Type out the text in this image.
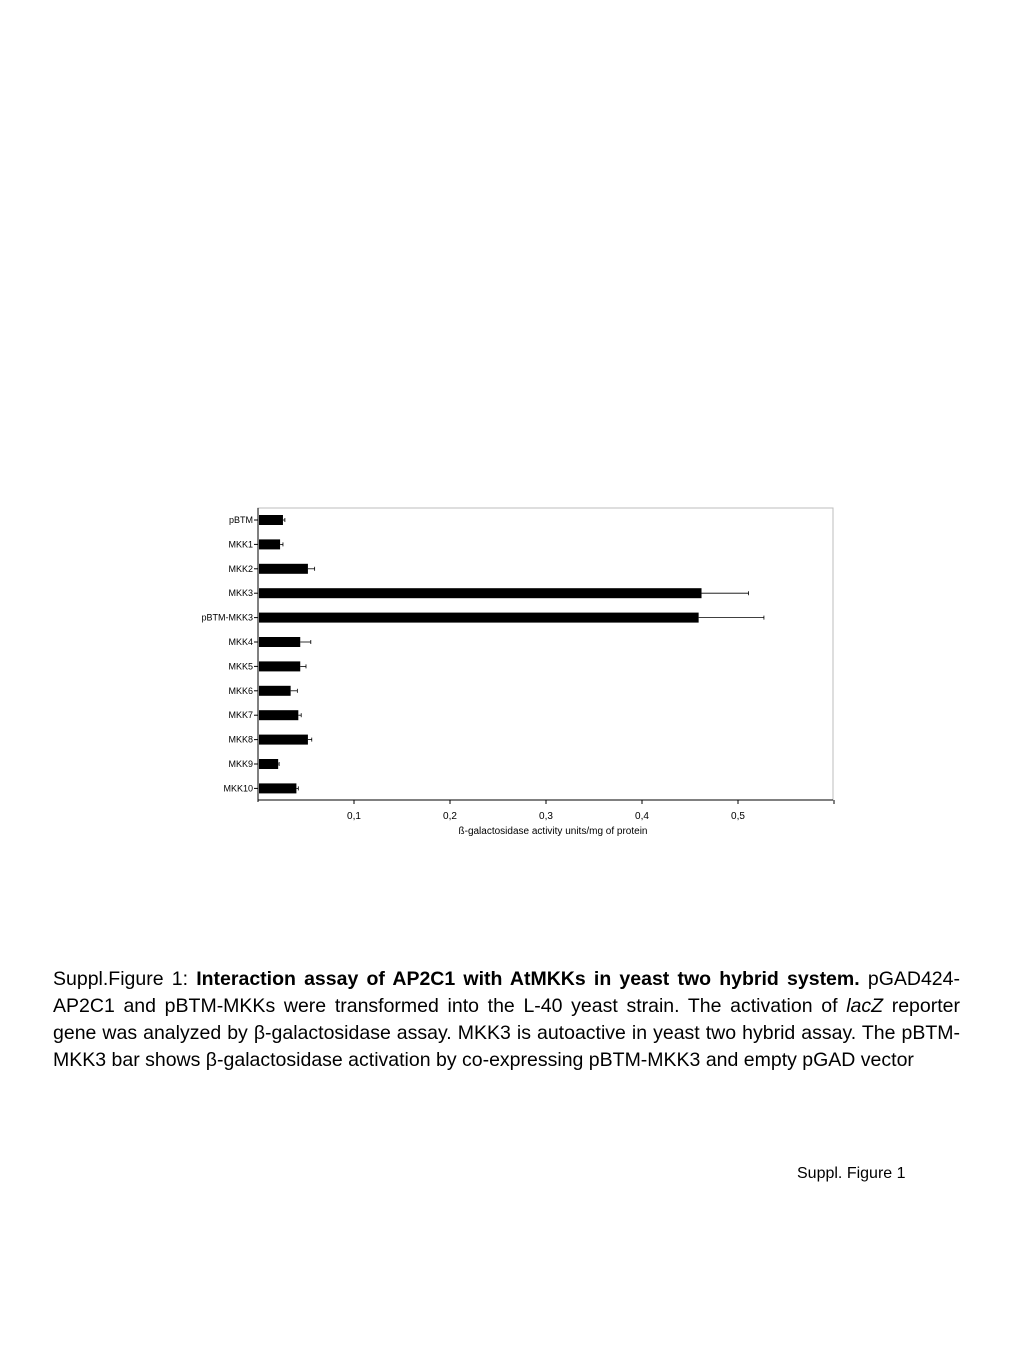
pBTM
MKK1
MKK2
MKK3
pBTM-MKK3
MKK4
MKK5
MKK6
MKK7
MKK8
MKK9
MKK10
0,1	0,2	0,3	0,4	0,5
ß-galactosidase activity units/mg of protein
Suppl.Figure 1: Interaction assay of AP2C1 with AtMKKs in yeast two hybrid system. pGAD424-AP2C1 and pBTM-MKKs were transformed into the L-40 yeast strain. The activation of lacZ reporter gene was analyzed by β-galactosidase assay. MKK3 is autoactive in yeast two hybrid assay. The pBTM-MKK3 bar shows β-galactosidase activation by co-expressing pBTM-MKK3 and empty pGAD vector
Suppl. Figure 1
